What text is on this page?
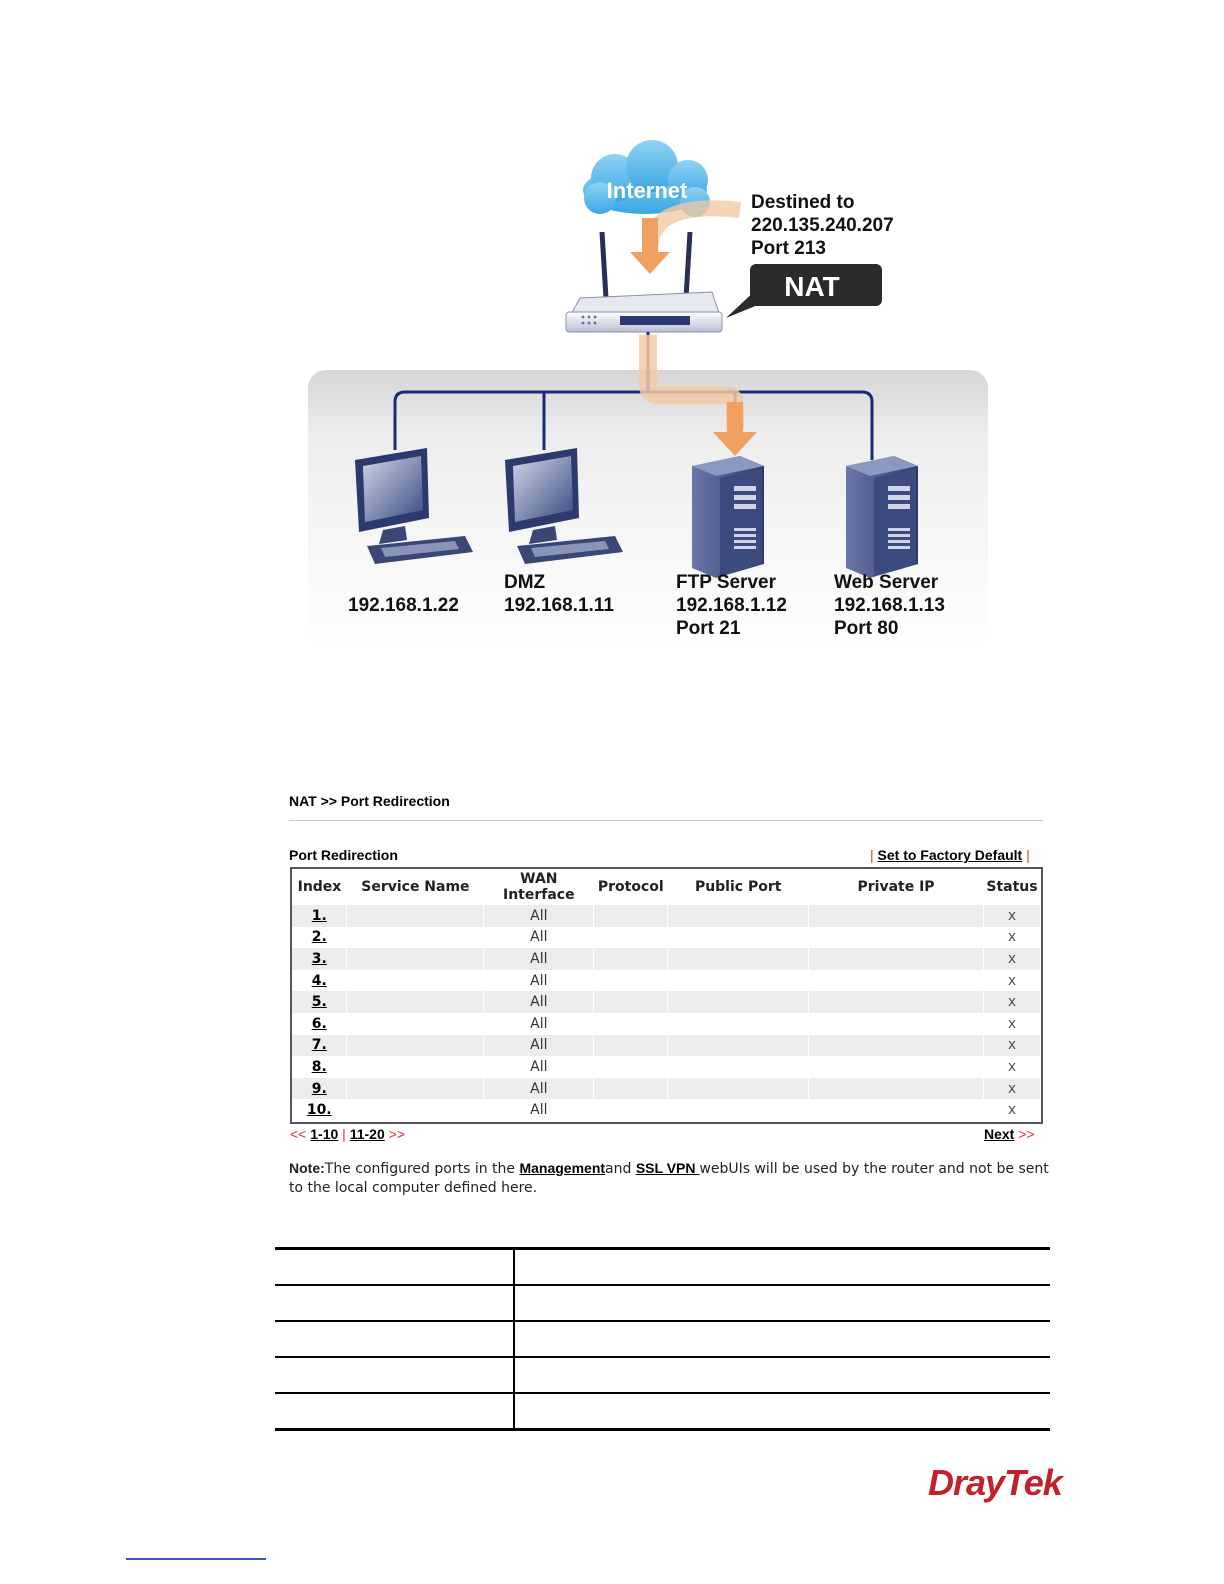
Internet
NAT
Destined to
220.135.240.207
Port 213
192.168.1.22
DMZ
192.168.1.11
FTP Server
192.168.1.12
Port 21
Web Server
192.168.1.13
Port 80
NAT >> Port Redirection
Port Redirection	| Set to Factory Default |
Index	Service Name	WAN Interface	Protocol	Public Port	Private IP	Status
1.		All				x
2.		All				x
3.		All				x
4.		All				x
5.		All				x
6.		All				x
7.		All				x
8.		All				x
9.		All				x
10.		All				x
<< 1-10 | 11-20 >>	Next >>
Note:The configured ports in the Managementand SSL VPN webUIs will be used by the router and not be sent to the local computer defined here.

DrayTek
